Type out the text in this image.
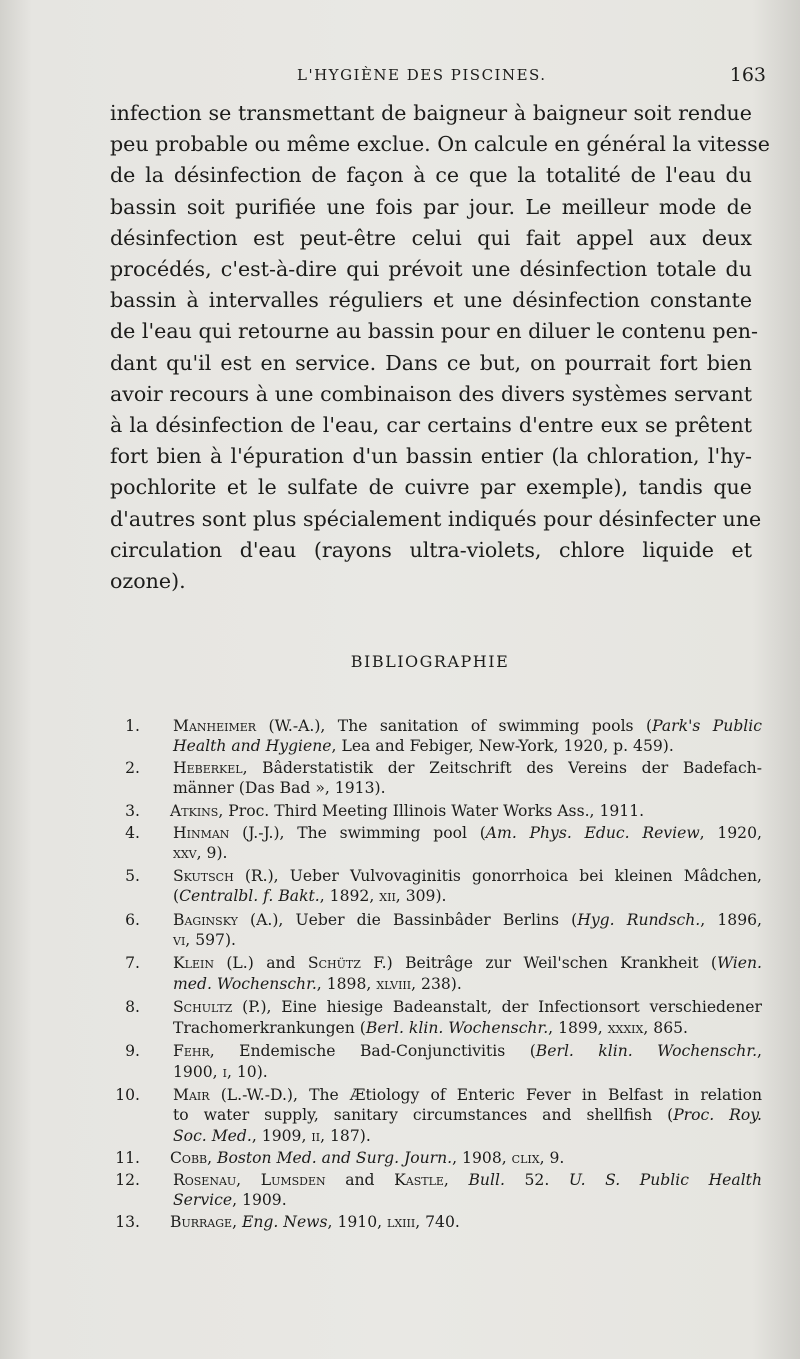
L'HYGIÈNE DES PISCINES.	163
infection se transmettant de baigneur à baigneur soit rendue
peu probable ou même exclue. On calcule en général la vitesse
de la désinfection de façon à ce que la totalité de l'eau du
bassin soit purifiée une fois par jour. Le meilleur mode de
désinfection est peut-être celui qui fait appel aux deux
procédés, c'est-à-dire qui prévoit une désinfection totale du
bassin à intervalles réguliers et une désinfection constante
de l'eau qui retourne au bassin pour en diluer le contenu pen-
dant qu'il est en service. Dans ce but, on pourrait fort bien
avoir recours à une combinaison des divers systèmes servant
à la désinfection de l'eau, car certains d'entre eux se prêtent
fort bien à l'épuration d'un bassin entier (la chloration, l'hy-
pochlorite et le sulfate de cuivre par exemple), tandis que
d'autres sont plus spécialement indiqués pour désinfecter une
circulation d'eau (rayons ultra-violets, chlore liquide et
ozone).
BIBLIOGRAPHIE
1.	Manheimer (W.-A.), The sanitation of swimming pools (Park's Public
Health and Hygiene, Lea and Febiger, New-York, 1920, p. 459).
2.	Heberkel, Bâderstatistik der Zeitschrift des Vereins der Badefach-
männer (Das Bad », 1913).
3.	Atkins, Proc. Third Meeting Illinois Water Works Ass., 1911.
4.	Hinman (J.-J.), The swimming pool (Am. Phys. Educ. Review, 1920,
xxv, 9).
5.	Skutsch (R.), Ueber Vulvovaginitis gonorrhoica bei kleinen Mâdchen,
(Centralbl. f. Bakt., 1892, xii, 309).
6.	Baginsky (A.), Ueber die Bassinbâder Berlins (Hyg. Rundsch., 1896,
vi, 597).
7.	Klein (L.) and Schütz F.) Beitrâge zur Weil'schen Krankheit (Wien.
med. Wochenschr., 1898, xlviii, 238).
8.	Schultz (P.), Eine hiesige Badeanstalt, der Infectionsort verschiedener
Trachomerkrankungen (Berl. klin. Wochenschr., 1899, xxxix, 865.
9.	Fehr, Endemische Bad-Conjunctivitis (Berl. klin. Wochenschr.,
1900, i, 10).
10.	Mair (L.-W.-D.), The Ætiology of Enteric Fever in Belfast in relation
to water supply, sanitary circumstances and shellfish (Proc. Roy.
Soc. Med., 1909, ii, 187).
11.	Cobb, Boston Med. and Surg. Journ., 1908, clix, 9.
12.	Rosenau, Lumsden and Kastle, Bull. 52. U. S. Public Health
Service, 1909.
13.	Burrage, Eng. News, 1910, lxiii, 740.
